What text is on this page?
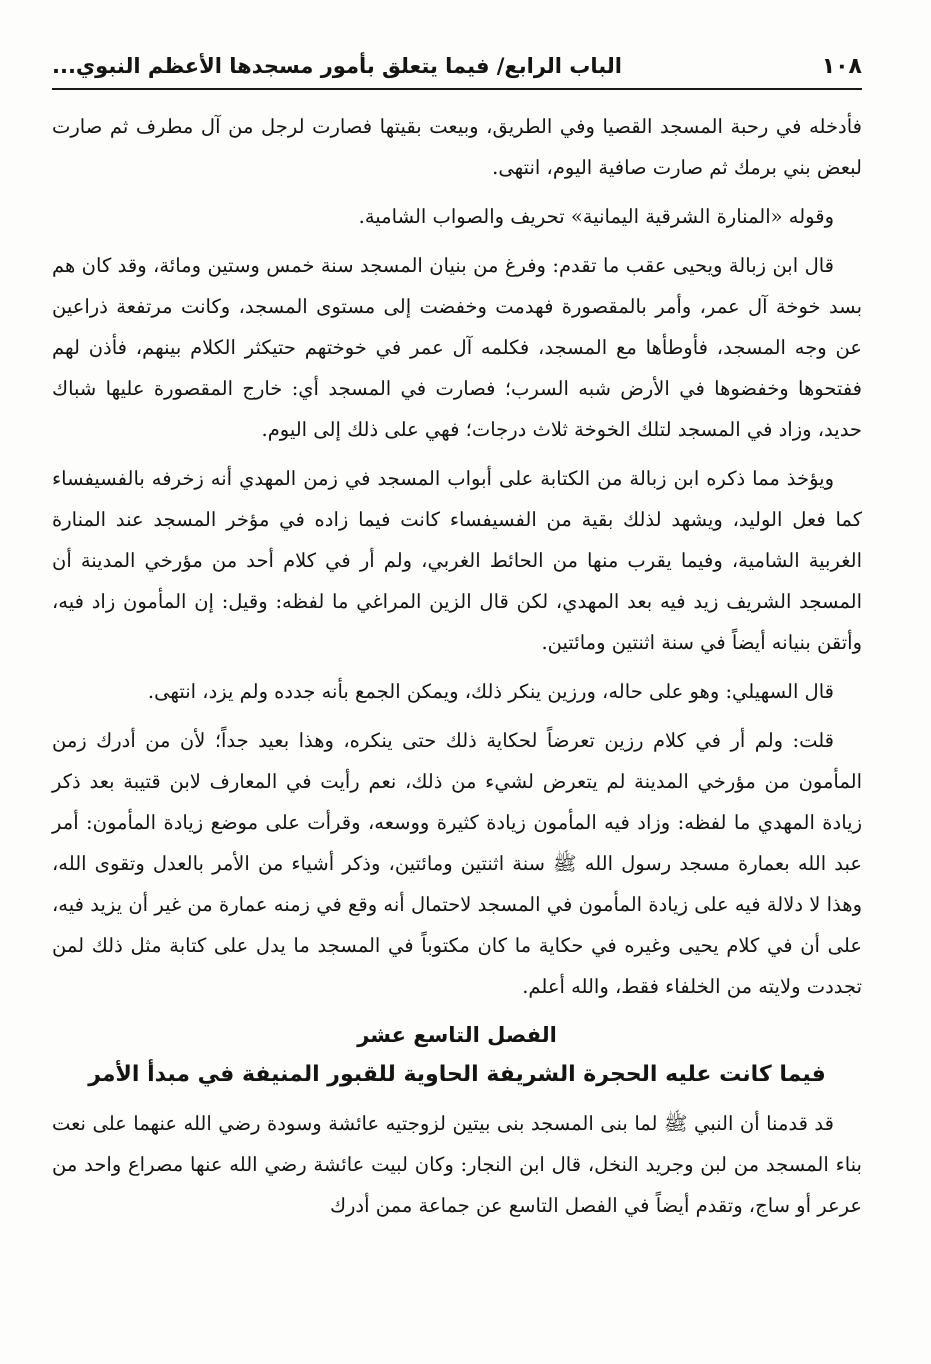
١٠٨
الباب الرابع/ فيما يتعلق بأمور مسجدها الأعظم النبوي...

فأدخله في رحبة المسجد القصيا وفي الطريق، وبيعت بقيتها فصارت لرجل من آل مطرف ثم صارت لبعض بني برمك ثم صارت صافية اليوم، انتهى.

وقوله «المنارة الشرقية اليمانية» تحريف والصواب الشامية.

قال ابن زبالة ويحيى عقب ما تقدم: وفرغ من بنيان المسجد سنة خمس وستين ومائة، وقد كان هم بسد خوخة آل عمر، وأمر بالمقصورة فهدمت وخفضت إلى مستوى المسجد، وكانت مرتفعة ذراعين عن وجه المسجد، فأوطأها مع المسجد، فكلمه آل عمر في خوختهم حتيكثر الكلام بينهم، فأذن لهم ففتحوها وخفضوها في الأرض شبه السرب؛ فصارت في المسجد أي: خارج المقصورة عليها شباك حديد، وزاد في المسجد لتلك الخوخة ثلاث درجات؛ فهي على ذلك إلى اليوم.

ويؤخذ مما ذكره ابن زبالة من الكتابة على أبواب المسجد في زمن المهدي أنه زخرفه بالفسيفساء كما فعل الوليد، ويشهد لذلك بقية من الفسيفساء كانت فيما زاده في مؤخر المسجد عند المنارة الغربية الشامية، وفيما يقرب منها من الحائط الغربي، ولم أر في كلام أحد من مؤرخي المدينة أن المسجد الشريف زيد فيه بعد المهدي، لكن قال الزين المراغي ما لفظه: وقيل: إن المأمون زاد فيه، وأتقن بنيانه أيضاً في سنة اثنتين ومائتين.

قال السهيلي: وهو على حاله، ورزين ينكر ذلك، ويمكن الجمع بأنه جدده ولم يزد، انتهى.

قلت: ولم أر في كلام رزين تعرضاً لحكاية ذلك حتى ينكره، وهذا بعيد جداً؛ لأن من أدرك زمن المأمون من مؤرخي المدينة لم يتعرض لشيء من ذلك، نعم رأيت في المعارف لابن قتيبة بعد ذكر زيادة المهدي ما لفظه: وزاد فيه المأمون زيادة كثيرة ووسعه، وقرأت على موضع زيادة المأمون: أمر عبد الله بعمارة مسجد رسول الله ﷺ سنة اثنتين ومائتين، وذكر أشياء من الأمر بالعدل وتقوى الله، وهذا لا دلالة فيه على زيادة المأمون في المسجد لاحتمال أنه وقع في زمنه عمارة من غير أن يزيد فيه، على أن في كلام يحيى وغيره في حكاية ما كان مكتوباً في المسجد ما يدل على كتابة مثل ذلك لمن تجددت ولايته من الخلفاء فقط، والله أعلم.

الفصل التاسع عشر
فيما كانت عليه الحجرة الشريفة الحاوية للقبور المنيفة في مبدأ الأمر

قد قدمنا أن النبي ﷺ لما بنى المسجد بنى بيتين لزوجتيه عائشة وسودة رضي الله عنهما على نعت بناء المسجد من لبن وجريد النخل، قال ابن النجار: وكان لبيت عائشة رضي الله عنها مصراع واحد من عرعر أو ساج، وتقدم أيضاً في الفصل التاسع عن جماعة ممن أدرك
